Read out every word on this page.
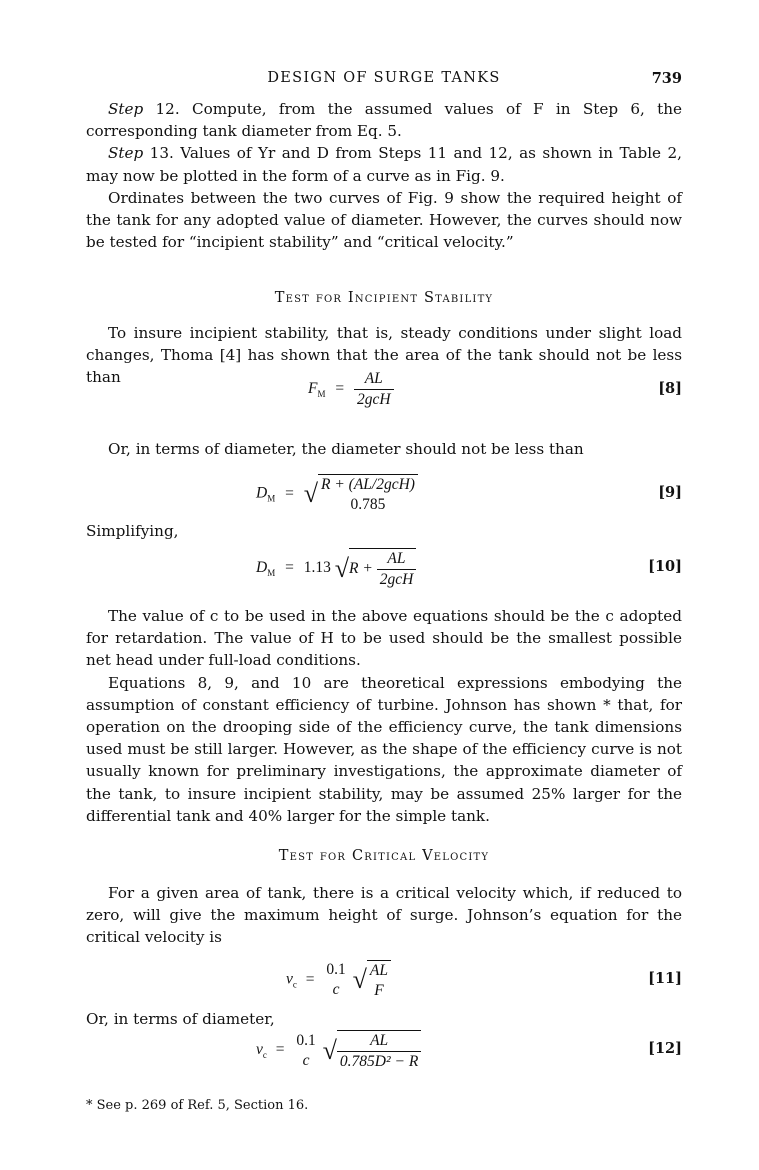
DESIGN OF SURGE TANKS	739

Step 12. Compute, from the assumed values of F in Step 6, the corresponding tank diameter from Eq. 5.

Step 13. Values of Yr and D from Steps 11 and 12, as shown in Table 2, may now be plotted in the form of a curve as in Fig. 9.

Ordinates between the two curves of Fig. 9 show the required height of the tank for any adopted value of diameter. However, the curves should now be tested for “incipient stability” and “critical velocity.”

Test for Incipient Stability

To insure incipient stability, that is, steady conditions under slight load changes, Thoma [4] has shown that the area of the tank should not be less than

$F_M = \frac{AL}{\text{2gcH}}$	[8]

Or, in terms of diameter, the diameter should not be less than

$D_M$ = √ R + (AL/2gcH)
0.785
[9]
Simplifying,
$D_M = 1.13$ $√R + \frac{AL}{\text{2gcH}}$	[10]

The value of c to be used in the above equations should be the c adopted for retardation. The value of H to be used should be the smallest possible net head under full-load conditions.

Equations 8, 9, and 10 are theoretical expressions embodying the assumption of constant efficiency of turbine. Johnson has shown * that, for operation on the drooping side of the efficiency curve, the tank dimensions used must be still larger. However, as the shape of the efficiency curve is not usually known for preliminary investigations, the approximate diameter of the tank, to insure incipient stability, may be assumed 25% larger for the differential tank and 40% larger for the simple tank.

Test for Critical Velocity

For a given area of tank, there is a critical velocity which, if reduced to zero, will give the maximum height of surge. Johnson’s equation for the critical velocity is

$v_c$ =
0.1
c √ AL
F
[11]
Or, in terms of diameter,
$v_c$ =
0.1
c √ $\frac{AL}{\text{0.785D² − R}}$	[12]
* See p. 269 of Ref. 5, Section 16.
